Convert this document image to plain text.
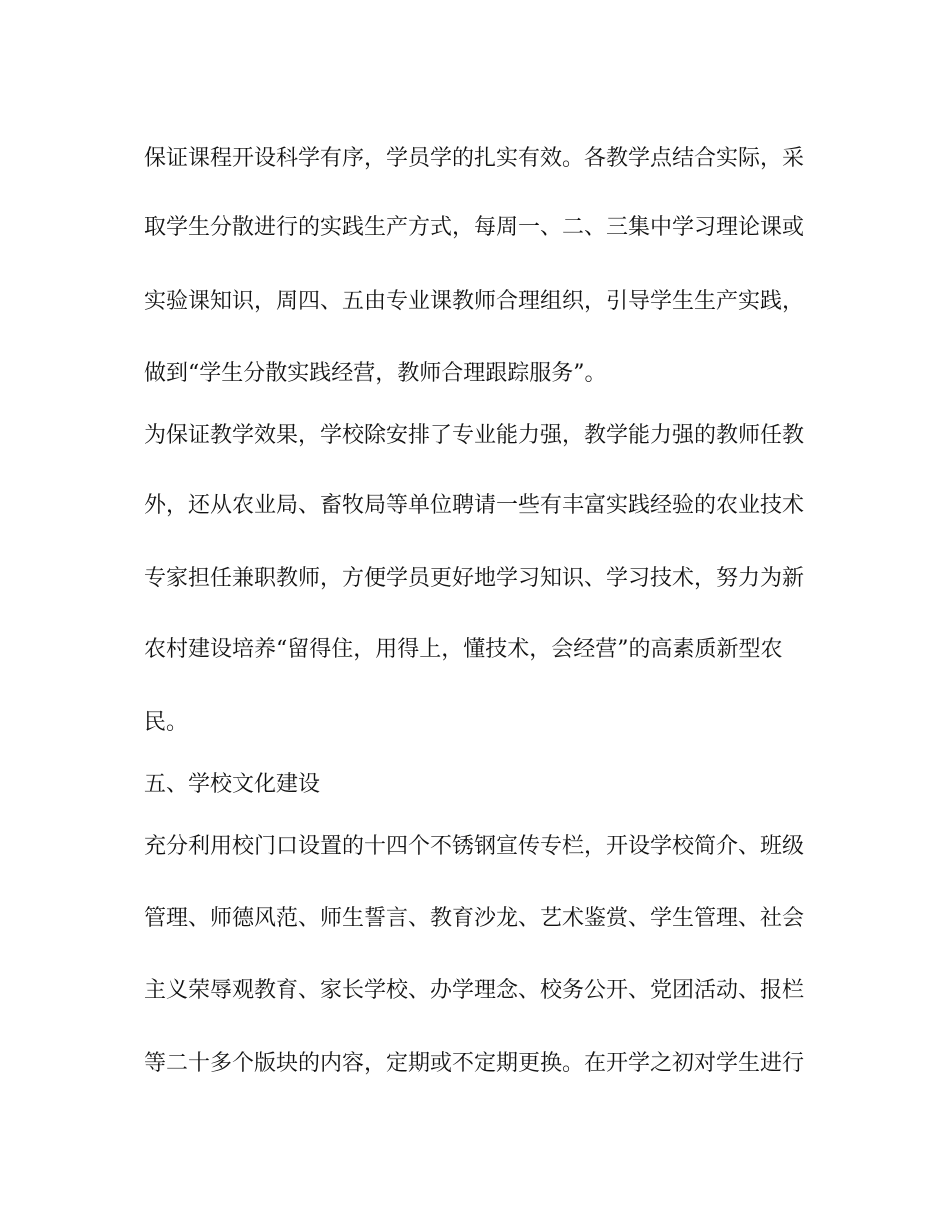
保证课程开设科学有序，学员学的扎实有效。各教学点结合实际，采
取学生分散进行的实践生产方式，每周一、二、三集中学习理论课或
实验课知识，周四、五由专业课教师合理组织，引导学生生产实践，
做到“学生分散实践经营，教师合理跟踪服务”。
为保证教学效果，学校除安排了专业能力强，教学能力强的教师任教
外，还从农业局、畜牧局等单位聘请一些有丰富实践经验的农业技术
专家担任兼职教师，方便学员更好地学习知识、学习技术，努力为新
农村建设培养“留得住，用得上，懂技术，会经营”的高素质新型农
民。
五、学校文化建设
充分利用校门口设置的十四个不锈钢宣传专栏，开设学校简介、班级
管理、师德风范、师生誓言、教育沙龙、艺术鉴赏、学生管理、社会
主义荣辱观教育、家长学校、办学理念、校务公开、党团活动、报栏
等二十多个版块的内容，定期或不定期更换。在开学之初对学生进行
